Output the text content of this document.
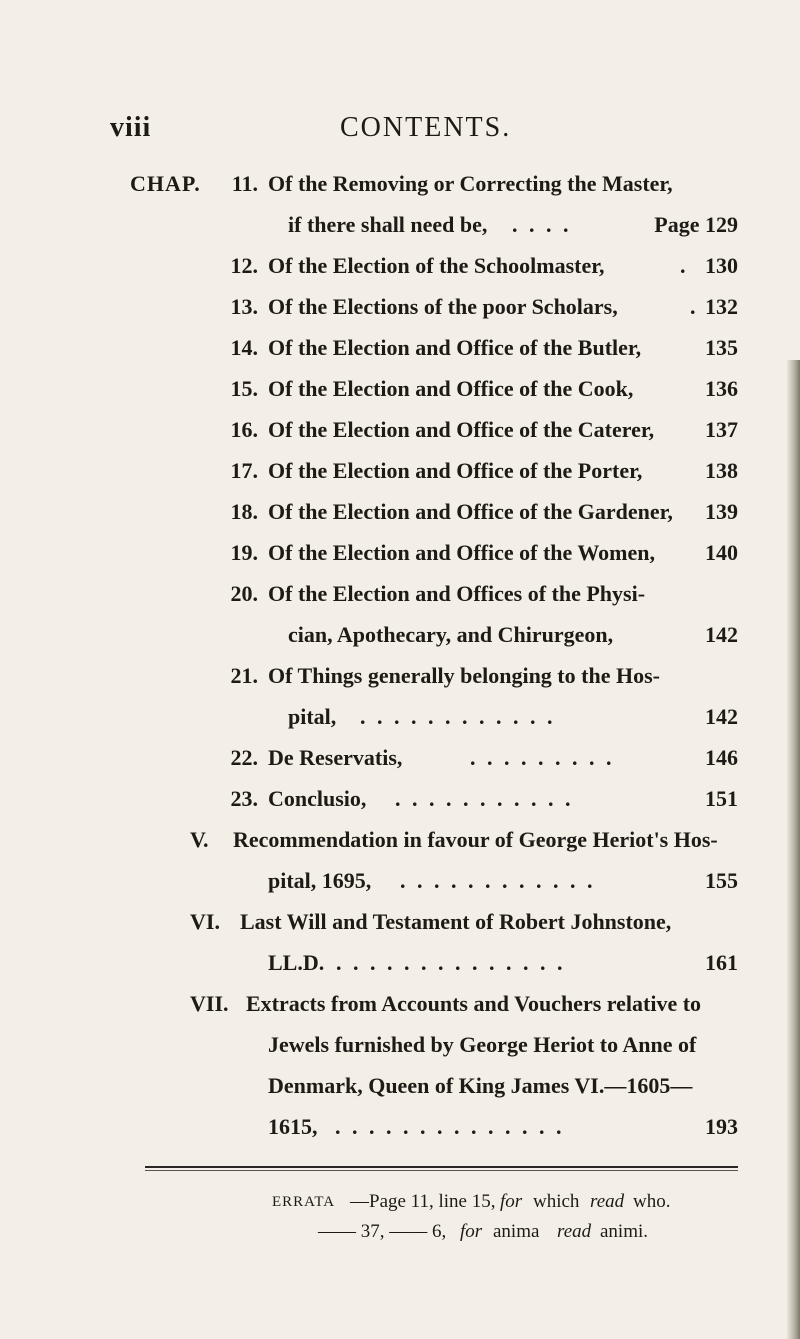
viii	CONTENTS.
CHAP.	11. Of the Removing or Correcting the Master,
if there shall need be, . . . .	Page 129
12. Of the Election of the Schoolmaster,	. 130
13. Of the Elections of the poor Scholars,	. 132
14. Of the Election and Office of the Butler,	135
15. Of the Election and Office of the Cook,	136
16. Of the Election and Office of the Caterer, 137
17. Of the Election and Office of the Porter,	138
18. Of the Election and Office of the Gardener, 139
19. Of the Election and Office of the Women, 140
20. Of the Election and Offices of the Physi-
cian, Apothecary, and Chirurgeon,	142
21. Of Things generally belonging to the Hos-
pital, . . . . . . . . . . . .	142
22. De Reservatis,	. . . . . . . . .	146
23. Conclusio, . . . . . . . . . . .	151
V.	Recommendation in favour of George Heriot's Hos-
pital, 1695, . . . . . . . . . . . .	155
VI. Last Will and Testament of Robert Johnstone,
LL.D. . . . . . . . . . . . . . .	161
VII. Extracts from Accounts and Vouchers relative to
Jewels furnished by George Heriot to Anne of
Denmark, Queen of King James VI.—1605—
1615, . . . . . . . . . . . . . .	193
ERRATA —Page 11, line 15, for which read who.
—— 37, —— 6, for anima read animi.
